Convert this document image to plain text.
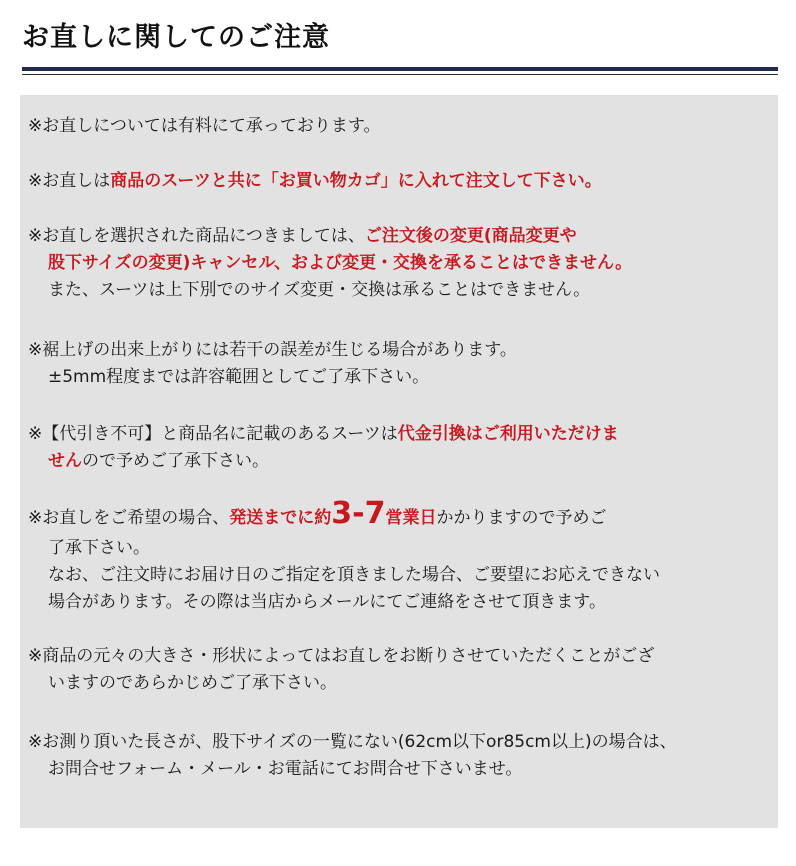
お直しに関してのご注意
※お直しについては有料にて承っております。
※お直しは商品のスーツと共に「お買い物カゴ」に入れて注文して下さい。
※お直しを選択された商品につきましては、ご注文後の変更(商品変更や
股下サイズの変更)キャンセル、および変更・交換を承ることはできません。
また、スーツは上下別でのサイズ変更・交換は承ることはできません。
※裾上げの出来上がりには若干の誤差が生じる場合があります。
±5mm程度までは許容範囲としてご了承下さい。
※【代引き不可】と商品名に記載のあるスーツは代金引換はご利用いただけま
せんので予めご了承下さい。
※お直しをご希望の場合、発送までに約3-7営業日かかりますので予めご
了承下さい。
なお、ご注文時にお届け日のご指定を頂きました場合、ご要望にお応えできない
場合があります。その際は当店からメールにてご連絡をさせて頂きます。
※商品の元々の大きさ・形状によってはお直しをお断りさせていただくことがござ
いますのであらかじめご了承下さい。
※お測り頂いた長さが、股下サイズの一覧にない(62cm以下or85cm以上)の場合は、
お問合せフォーム・メール・お電話にてお問合せ下さいませ。
